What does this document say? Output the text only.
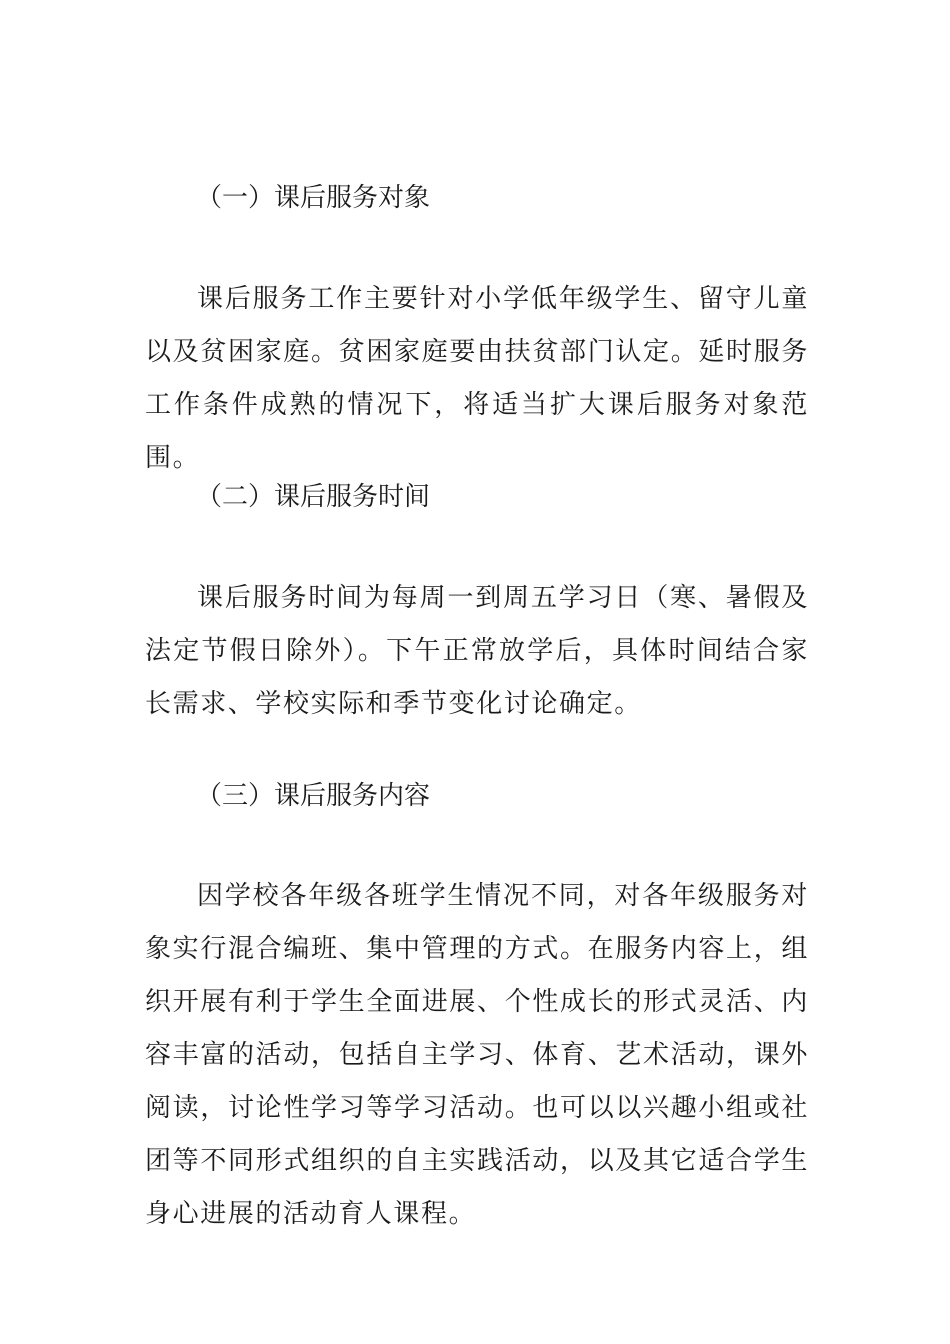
（一）课后服务对象
课后服务工作主要针对小学低年级学生、留守儿童以及贫困家庭。贫困家庭要由扶贫部门认定。延时服务工作条件成熟的情况下，将适当扩大课后服务对象范围。
（二）课后服务时间
课后服务时间为每周一到周五学习日（寒、暑假及法定节假日除外）。下午正常放学后，具体时间结合家长需求、学校实际和季节变化讨论确定。
（三）课后服务内容
因学校各年级各班学生情况不同，对各年级服务对象实行混合编班、集中管理的方式。在服务内容上，组织开展有利于学生全面进展、个性成长的形式灵活、内容丰富的活动，包括自主学习、体育、艺术活动，课外阅读，讨论性学习等学习活动。也可以以兴趣小组或社团等不同形式组织的自主实践活动，以及其它适合学生身心进展的活动育人课程。
